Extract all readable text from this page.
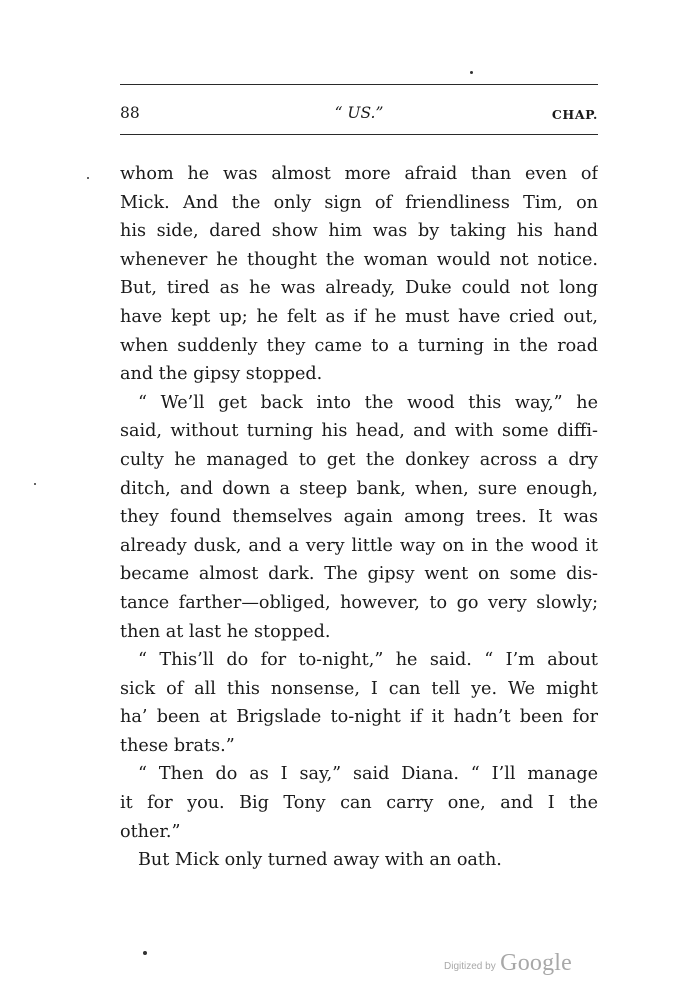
88	“ US.”	CHAP.
whom he was almost more afraid than even of
Mick. And the only sign of friendliness Tim, on
his side, dared show him was by taking his hand
whenever he thought the woman would not notice.
But, tired as he was already, Duke could not long
have kept up; he felt as if he must have cried out,
when suddenly they came to a turning in the road
and the gipsy stopped.
“ We’ll get back into the wood this way,” he
said, without turning his head, and with some diffi-
culty he managed to get the donkey across a dry
ditch, and down a steep bank, when, sure enough,
they found themselves again among trees. It was
already dusk, and a very little way on in the wood it
became almost dark. The gipsy went on some dis-
tance farther—obliged, however, to go very slowly;
then at last he stopped.
“ This’ll do for to-night,” he said. “ I’m about
sick of all this nonsense, I can tell ye. We might
ha’ been at Brigslade to-night if it hadn’t been for
these brats.”
“ Then do as I say,” said Diana. “ I’ll manage
it for you. Big Tony can carry one, and I the
other.”
But Mick only turned away with an oath.
Digitized by Google
